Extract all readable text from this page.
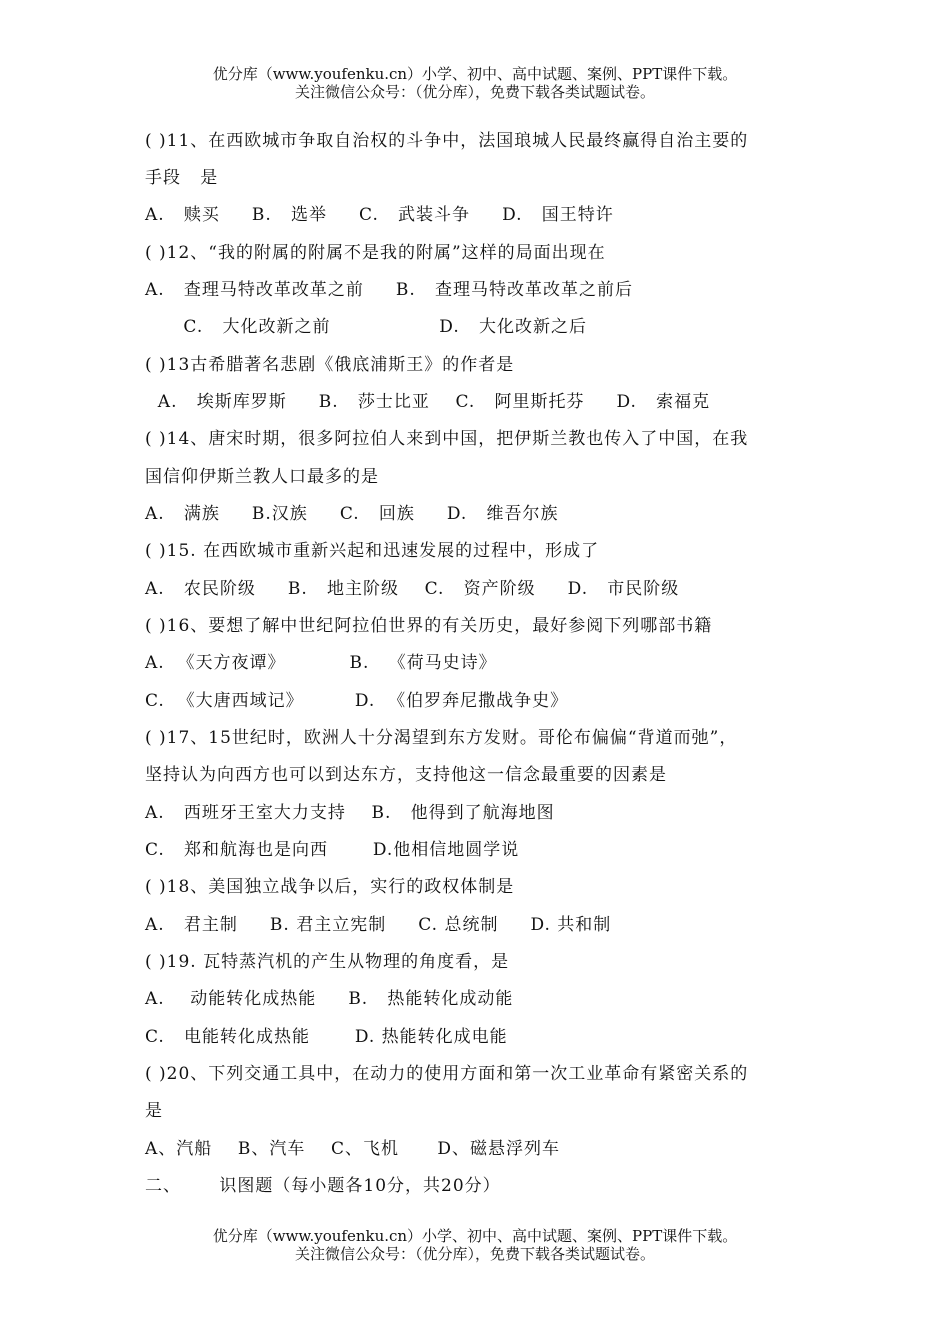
优分库（www.youfenku.cn）小学、初中、高中试题、案例、PPT课件下载。
关注微信公众号：（优分库），免费下载各类试题试卷。
( )11、在西欧城市争取自治权的斗争中，法国琅城人民最终赢得自治主要的
手段   是
A.   赎买     B.   选举     C.   武装斗争     D.   国王特许
( )12、“我的附属的附属不是我的附属”这样的局面出现在
A.   查理马特改革改革之前     B.   查理马特改革改革之前后
C.   大化改新之前                 D.   大化改新之后
( )13古希腊著名悲剧《俄底浦斯王》的作者是
A.   埃斯库罗斯     B.   莎士比亚    C.   阿里斯托芬     D.   索福克
( )14、唐宋时期，很多阿拉伯人来到中国，把伊斯兰教也传入了中国，在我
国信仰伊斯兰教人口最多的是
A.   满族     B.汉族     C.   回族     D.   维吾尔族
( )15. 在西欧城市重新兴起和迅速发展的过程中，形成了
A.   农民阶级     B.   地主阶级    C.   资产阶级     D.   市民阶级
( )16、要想了解中世纪阿拉伯世界的有关历史，最好参阅下列哪部书籍
A.  《天方夜谭》          B.   《荷马史诗》
C.  《大唐西域记》        D.  《伯罗奔尼撒战争史》
( )17、15世纪时，欧洲人十分渴望到东方发财。哥伦布偏偏“背道而弛”，
坚持认为向西方也可以到达东方，支持他这一信念最重要的因素是
A.   西班牙王室大力支持    B.   他得到了航海地图
C.   郑和航海也是向西       D.他相信地圆学说
( )18、美国独立战争以后，实行的政权体制是
A.   君主制     B. 君主立宪制     C. 总统制     D. 共和制
( )19. 瓦特蒸汽机的产生从物理的角度看，是
A.    动能转化成热能     B.   热能转化成动能
C.   电能转化成热能       D. 热能转化成电能
( )20、下列交通工具中，在动力的使用方面和第一次工业革命有紧密关系的
是
A、汽船    B、汽车    C、飞机      D、磁悬浮列车
二、      识图题（每小题各10分，共20分）
优分库（www.youfenku.cn）小学、初中、高中试题、案例、PPT课件下载。
关注微信公众号：（优分库），免费下载各类试题试卷。
